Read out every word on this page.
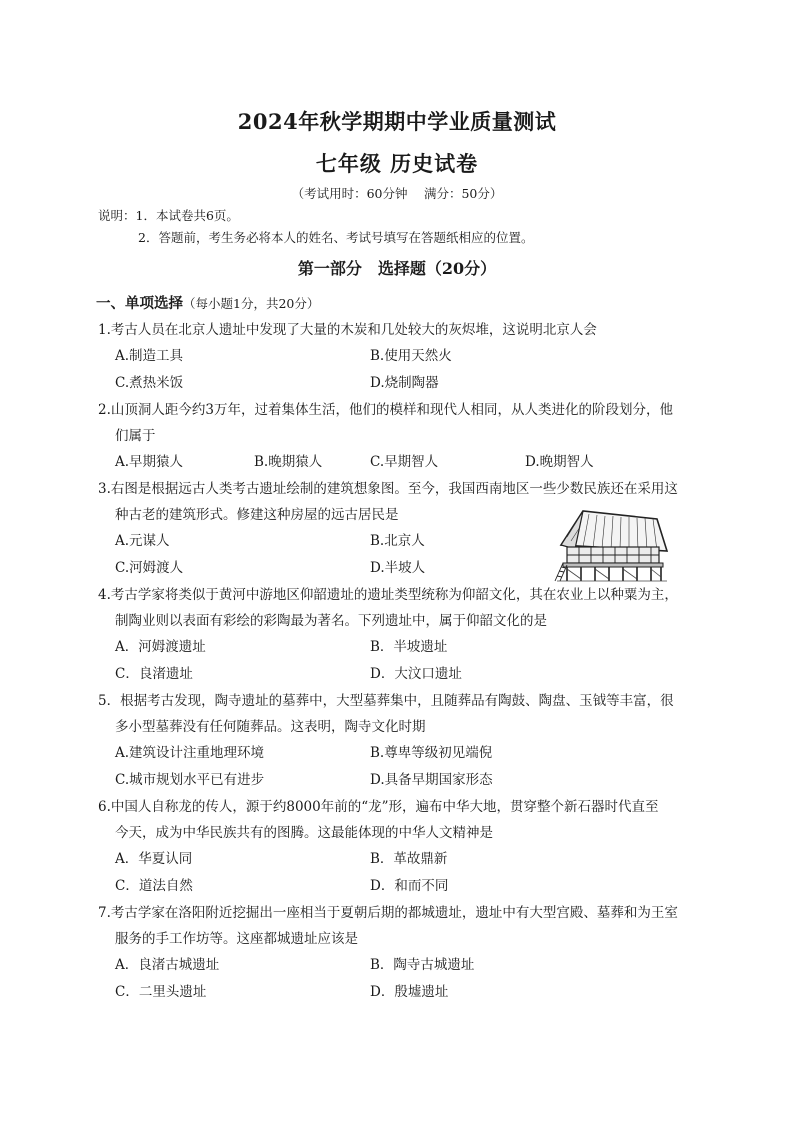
2024年秋学期期中学业质量测试
七年级 历史试卷
（考试用时：60分钟　 满分：50分）
说明：1．本试卷共6页。
2．答题前，考生务必将本人的姓名、考试号填写在答题纸相应的位置。
第一部分　选择题（20分）
一、单项选择（每小题1分，共20分）
1.考古人员在北京人遗址中发现了大量的木炭和几处较大的灰烬堆，这说明北京人会
A.制造工具	B.使用天然火
C.煮热米饭	D.烧制陶器
2.山顶洞人距今约3万年，过着集体生活，他们的模样和现代人相同，从人类进化的阶段划分，他
们属于
A.早期猿人	B.晚期猿人	C.早期智人	D.晚期智人
3.右图是根据远古人类考古遗址绘制的建筑想象图。至今，我国西南地区一些少数民族还在采用这
种古老的建筑形式。修建这种房屋的远古居民是
A.元谋人	B.北京人
C.河姆渡人	D.半坡人
4.考古学家将类似于黄河中游地区仰韶遗址的遗址类型统称为仰韶文化，其在农业上以种粟为主，
制陶业则以表面有彩绘的彩陶最为著名。下列遗址中，属于仰韶文化的是
A．河姆渡遗址	B．半坡遗址
C．良渚遗址	D．大汶口遗址
5．根据考古发现，陶寺遗址的墓葬中，大型墓葬集中，且随葬品有陶鼓、陶盘、玉钺等丰富，很
多小型墓葬没有任何随葬品。这表明，陶寺文化时期
A.建筑设计注重地理环境	B.尊卑等级初见端倪
C.城市规划水平已有进步	D.具备早期国家形态
6.中国人自称龙的传人，源于约8000年前的“龙”形，遍布中华大地，贯穿整个新石器时代直至
今天，成为中华民族共有的图腾。这最能体现的中华人文精神是
A．华夏认同	B．革故鼎新
C．道法自然	D．和而不同
7.考古学家在洛阳附近挖掘出一座相当于夏朝后期的都城遗址，遗址中有大型宫殿、墓葬和为王室
服务的手工作坊等。这座都城遗址应该是
A．良渚古城遗址	B．陶寺古城遗址
C．二里头遗址	D．殷墟遗址
